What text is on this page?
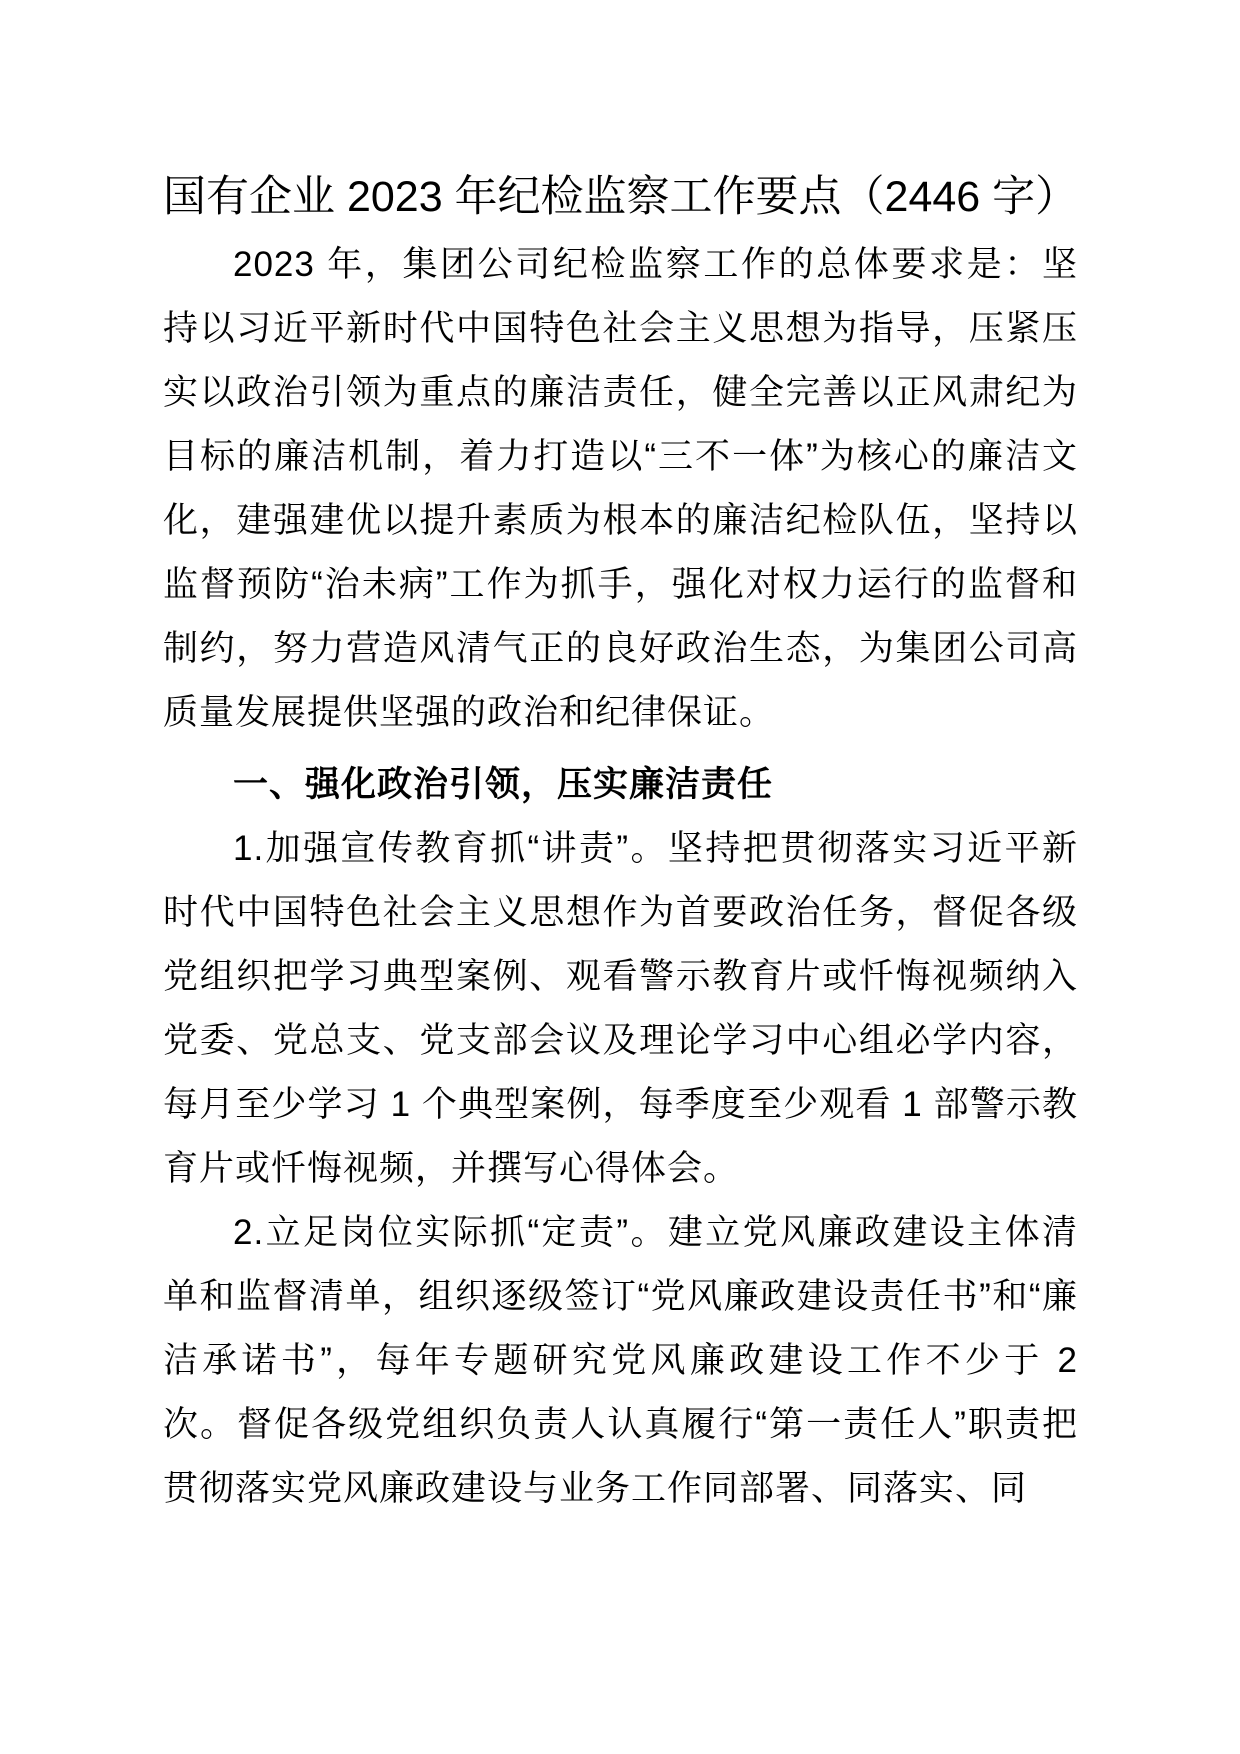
国有企业 2023 年纪检监察工作要点（2446 字）

2023 年，集团公司纪检监察工作的总体要求是：坚持以习近平新时代中国特色社会主义思想为指导，压紧压实以政治引领为重点的廉洁责任，健全完善以正风肃纪为目标的廉洁机制，着力打造以“三不一体”为核心的廉洁文化，建强建优以提升素质为根本的廉洁纪检队伍，坚持以监督预防“治未病”工作为抓手，强化对权力运行的监督和制约，努力营造风清气正的良好政治生态，为集团公司高质量发展提供坚强的政治和纪律保证。

一、强化政治引领，压实廉洁责任

1.加强宣传教育抓“讲责”。坚持把贯彻落实习近平新时代中国特色社会主义思想作为首要政治任务，督促各级党组织把学习典型案例、观看警示教育片或忏悔视频纳入党委、党总支、党支部会议及理论学习中心组必学内容，每月至少学习 1 个典型案例，每季度至少观看 1 部警示教育片或忏悔视频，并撰写心得体会。

2.立足岗位实际抓“定责”。建立党风廉政建设主体清单和监督清单，组织逐级签订“党风廉政建设责任书”和“廉洁承诺书”，每年专题研究党风廉政建设工作不少于 2 次。督促各级党组织负责人认真履行“第一责任人”职责把贯彻落实党风廉政建设与业务工作同部署、同落实、同
